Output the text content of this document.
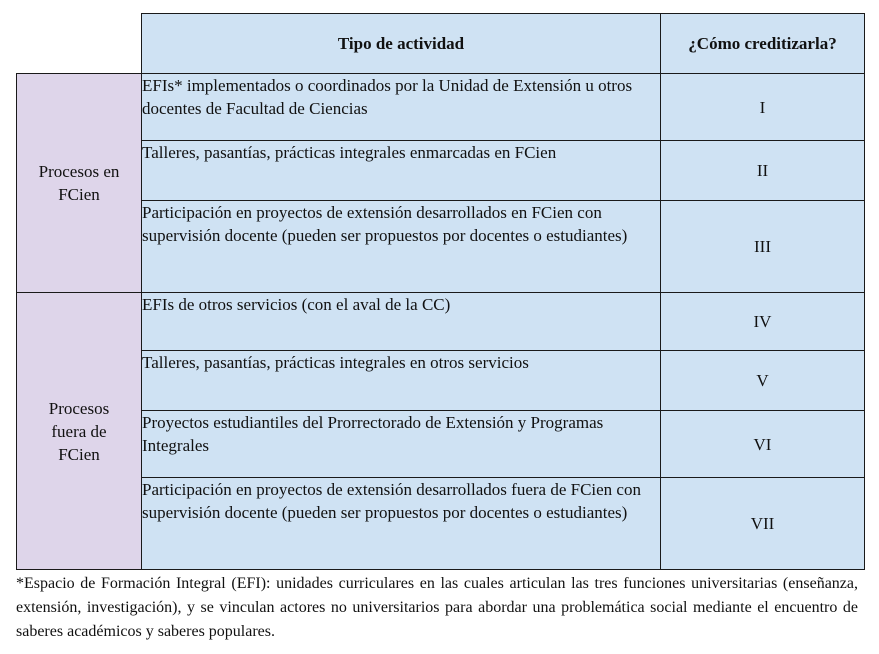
	Tipo de actividad	¿Cómo creditizarla?
Procesos en FCien	EFIs* implementados o coordinados por la Unidad de Extensión u otros docentes de Facultad de Ciencias	I
	Talleres, pasantías, prácticas integrales enmarcadas en FCien	II
	Participación en proyectos de extensión desarrollados en FCien con supervisión docente (pueden ser propuestos por docentes o estudiantes)	III
Procesos fuera de FCien	EFIs de otros servicios (con el aval de la CC)	IV
	Talleres, pasantías, prácticas integrales en otros servicios	V
	Proyectos estudiantiles del Prorrectorado de Extensión y Programas Integrales	VI
	Participación en proyectos de extensión desarrollados fuera de FCien con supervisión docente (pueden ser propuestos por docentes o estudiantes)	VII

*Espacio de Formación Integral (EFI): unidades curriculares en las cuales articulan las tres funciones universitarias (enseñanza, extensión, investigación), y se vinculan actores no universitarios para abordar una problemática social mediante el encuentro de saberes académicos y saberes populares.
